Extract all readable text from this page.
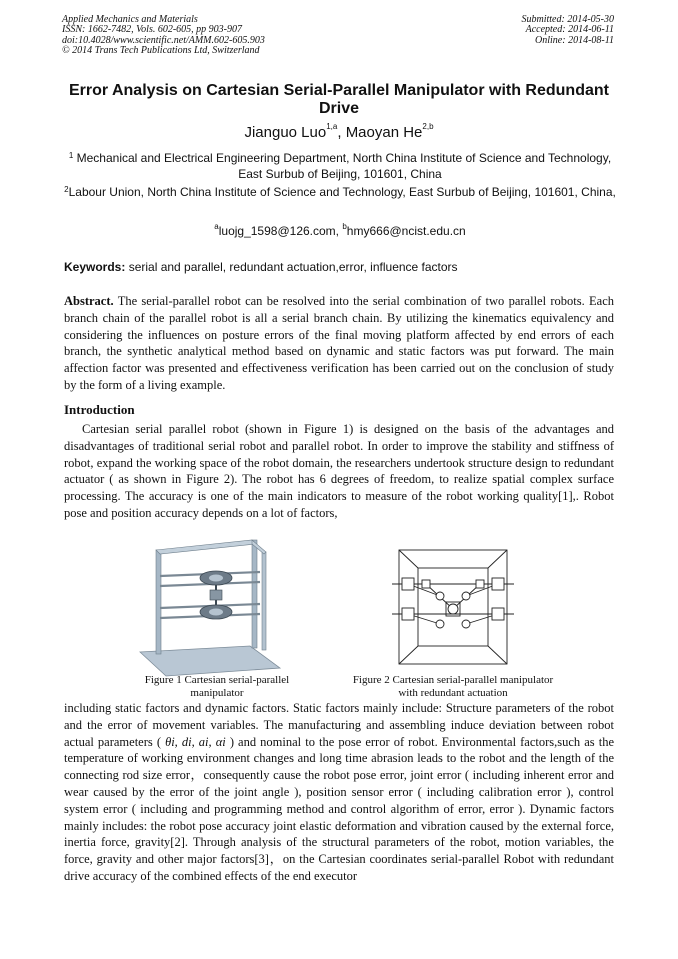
Applied Mechanics and Materials
ISSN: 1662-7482, Vols. 602-605, pp 903-907
doi:10.4028/www.scientific.net/AMM.602-605.903
© 2014 Trans Tech Publications Ltd, Switzerland
Submitted: 2014-05-30
Accepted: 2014-06-11
Online: 2014-08-11
Error Analysis on Cartesian Serial-Parallel Manipulator with Redundant Drive
Jianguo Luo$^{1,a}$, Maoyan He$^{2,b}$
$^1$ Mechanical and Electrical Engineering Department, North China Institute of Science and Technology, East Surbub of Beijing, 101601, China
$^2$Labour Union, North China Institute of Science and Technology, East Surbub of Beijing, 101601, China,
$^a$luojg_1598@126.com, $^b$hmy666@ncist.edu.cn
Keywords: serial and parallel, redundant actuation,error, influence factors
Abstract. The serial-parallel robot can be resolved into the serial combination of two parallel robots. Each branch chain of the parallel robot is all a serial branch chain. By utilizing the kinematics equivalency and considering the influences on posture errors of the final moving platform affected by end errors of each branch, the synthetic analytical method based on dynamic and static factors was put forward. The main affection factor was presented and effectiveness verification has been carried out on the conclusion of study by the form of a living example.
Introduction
Cartesian serial parallel robot (shown in Figure 1) is designed on the basis of the advantages and disadvantages of traditional serial robot and parallel robot. In order to improve the stability and stiffness of robot, expand the working space of the robot domain, the researchers undertook structure design to redundant actuator ( as shown in Figure 2). The robot has 6 degrees of freedom, to realize spatial complex surface processing. The accuracy is one of the main indicators to measure of the robot working quality[1],. Robot pose and position accuracy depends on a lot of factors,
Figure 1 Cartesian serial-parallel
manipulator
Figure 2 Cartesian serial-parallel manipulator
with redundant actuation
including static factors and dynamic factors. Static factors mainly include: Structure parameters of the robot and the error of movement variables. The manufacturing and assembling induce deviation between robot actual parameters ( θi, di, ai, αi ) and nominal to the pose error of robot. Environmental factors,such as the temperature of working environment changes and long time abrasion leads to the robot and the length of the connecting rod size error，consequently cause the robot pose error, joint error ( including inherent error and wear caused by the error of the joint angle ), position sensor error ( including calibration error ), control system error ( including and programming method and control algorithm of error, error ). Dynamic factors mainly includes: the robot pose accuracy joint elastic deformation and vibration caused by the external force, inertia force, gravity[2]. Through analysis of the structural parameters of the robot, motion variables, the force, gravity and other major factors[3]，on the Cartesian coordinates serial-parallel Robot with redundant drive accuracy of the combined effects of the end executor
